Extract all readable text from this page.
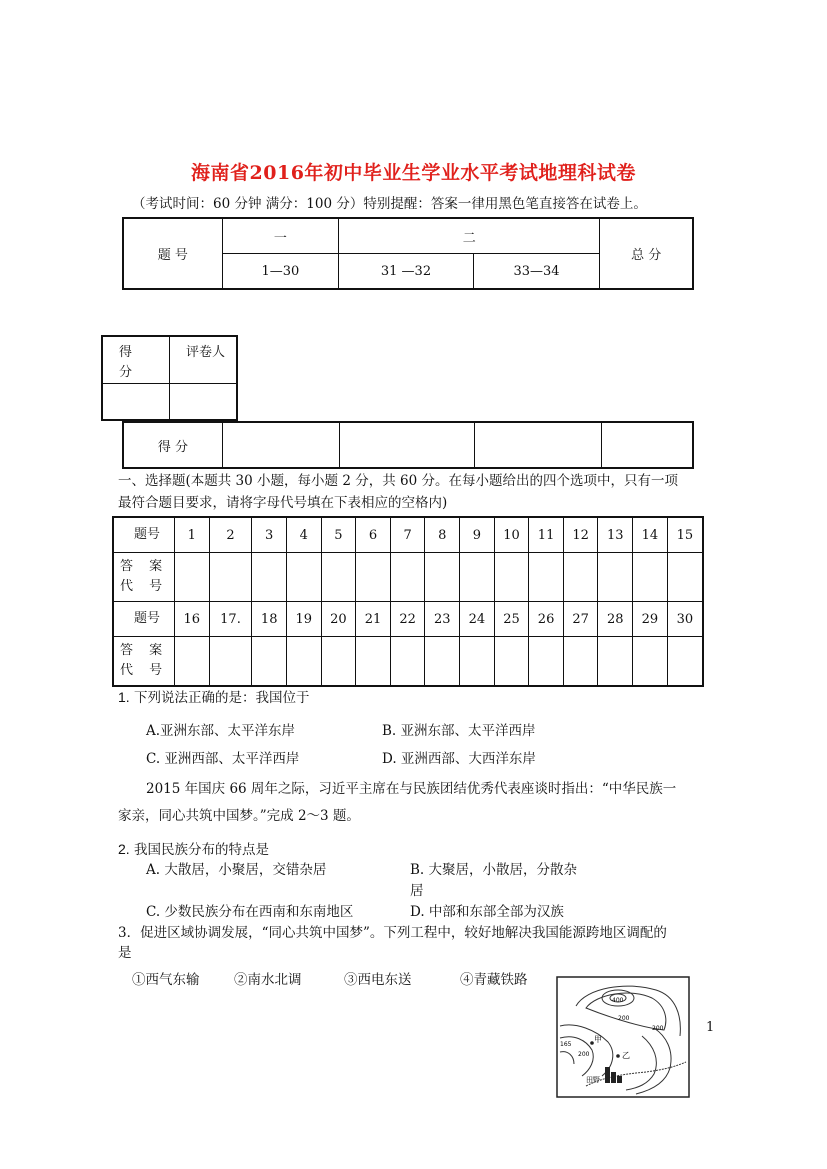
海南省2016年初中毕业生学业水平考试地理科试卷
（考试时间：60 分钟 满分：100 分）特别提醒：答案一律用黑色笔直接答在试卷上。
题 号	一	二		总 分
	1—30	31 —32	33—34	
得
分	评卷人

得 分				
一、选择题(本题共 30 小题，每小题 2 分，共 60 分。在每小题给出的四个选项中，只有一项
最符合题目要求，请将字母代号填在下表相应的空格内)
题号	1	2	3	4	5	6	7	8	9	10	11	12	13	14	15
答 案 代 号															
题号	16	17.	18	19	20	21	22	23	24	25	26	27	28	29	30
答 案 代 号															
1. 下列说法正确的是：我国位于
A.亚洲东部、太平洋东岸	B. 亚洲东部、太平洋西岸
C. 亚洲西部、太平洋西岸	D. 亚洲西部、大西洋东岸
2015 年国庆 66 周年之际，习近平主席在与民族团结优秀代表座谈时指出：“中华民族一
家亲，同心共筑中国梦。”完成 2～3 题。
2. 我国民族分布的特点是
A. 大散居，小聚居，交错杂居	B. 大聚居，小散居，分散杂
居
C. 少数民族分布在西南和东南地区	D. 中部和东部全部为汉族
3．促进区域协调发展，“同心共筑中国梦”。下列工程中，较好地解决我国能源跨地区调配的
是
①西气东输	②南水北调	③西电东送	④青藏铁路
1
400
200
200
200
165
甲
乙
田野
